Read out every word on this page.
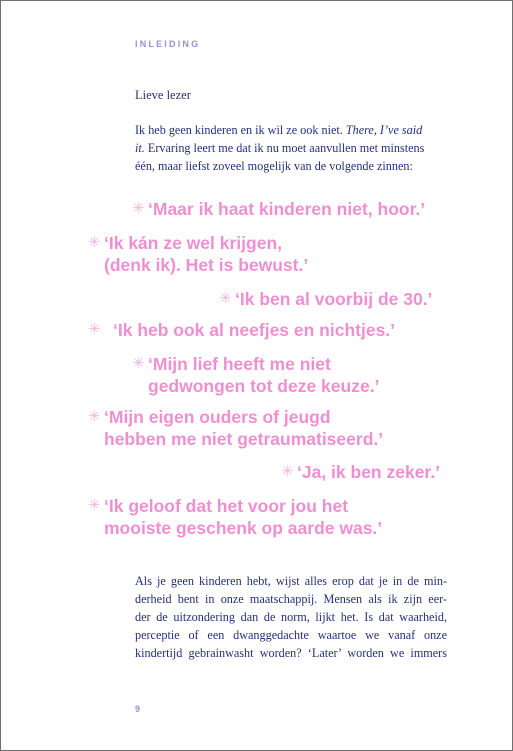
INLEIDING
Lieve lezer
Ik heb geen kinderen en ik wil ze ook niet. There, I’ve said
it. Ervaring leert me dat ik nu moet aanvullen met minstens
één, maar liefst zoveel mogelijk van de volgende zinnen:
✳ ‘Maar ik haat kinderen niet, hoor.’
✳ ‘Ik kán ze wel krijgen,
(denk ik). Het is bewust.’
✳ ‘Ik ben al voorbij de 30.’
✳ ‘Ik heb ook al neefjes en nichtjes.’
✳ ‘Mijn lief heeft me niet
gedwongen tot deze keuze.’
✳ ‘Mijn eigen ouders of jeugd
hebben me niet getraumatiseerd.’
✳ ‘Ja, ik ben zeker.’
✳ ‘Ik geloof dat het voor jou het
mooiste geschenk op aarde was.’
Als je geen kinderen hebt, wijst alles erop dat je in de min-
derheid bent in onze maatschappij. Mensen als ik zijn eer-
der de uitzondering dan de norm, lijkt het. Is dat waarheid,
perceptie of een dwanggedachte waartoe we vanaf onze
kindertijd gebrainwasht worden? ‘Later’ worden we immers
9
